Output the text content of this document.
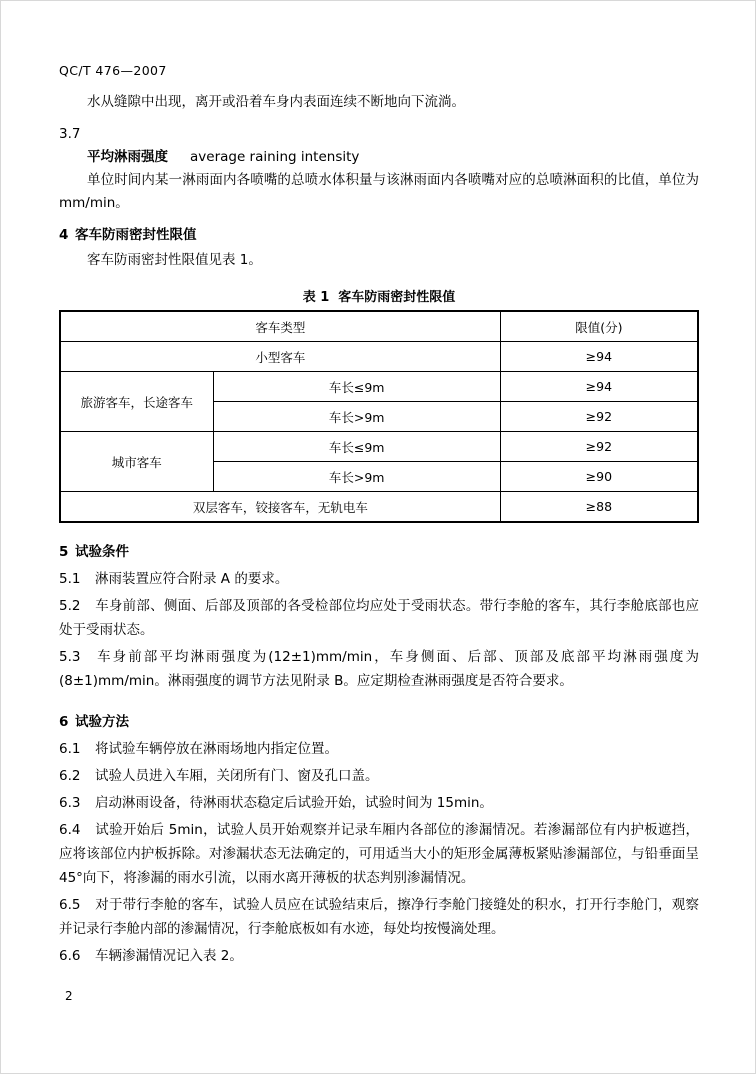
QC/T 476—2007

水从缝隙中出现，离开或沿着车身内表面连续不断地向下流淌。

3.7
平均淋雨强度 average raining intensity

单位时间内某一淋雨面内各喷嘴的总喷水体积量与该淋雨面内各喷嘴对应的总喷淋面积的比值，单位为 mm/min。

4 客车防雨密封性限值

客车防雨密封性限值见表 1。

表 1  客车防雨密封性限值
客车类型		限值(分)
小型客车		≥94
旅游客车，长途客车	车长≤9m	≥94
	车长>9m	≥92
城市客车	车长≤9m	≥92
	车长>9m	≥90
双层客车，铰接客车，无轨电车		≥88
5 试验条件

5.1 淋雨装置应符合附录 A 的要求。

5.2 车身前部、侧面、后部及顶部的各受检部位均应处于受雨状态。带行李舱的客车，其行李舱底部也应处于受雨状态。

5.3 车身前部平均淋雨强度为(12±1)mm/min，车身侧面、后部、顶部及底部平均淋雨强度为(8±1)mm/min。淋雨强度的调节方法见附录 B。应定期检查淋雨强度是否符合要求。

6 试验方法

6.1 将试验车辆停放在淋雨场地内指定位置。

6.2 试验人员进入车厢，关闭所有门、窗及孔口盖。

6.3 启动淋雨设备，待淋雨状态稳定后试验开始，试验时间为 15min。

6.4 试验开始后 5min，试验人员开始观察并记录车厢内各部位的渗漏情况。若渗漏部位有内护板遮挡，应将该部位内护板拆除。对渗漏状态无法确定的，可用适当大小的矩形金属薄板紧贴渗漏部位，与铅垂面呈 45°向下，将渗漏的雨水引流，以雨水离开薄板的状态判别渗漏情况。

6.5 对于带行李舱的客车，试验人员应在试验结束后，擦净行李舱门接缝处的积水，打开行李舱门，观察并记录行李舱内部的渗漏情况，行李舱底板如有水迹，每处均按慢滴处理。

6.6 车辆渗漏情况记入表 2。

2
